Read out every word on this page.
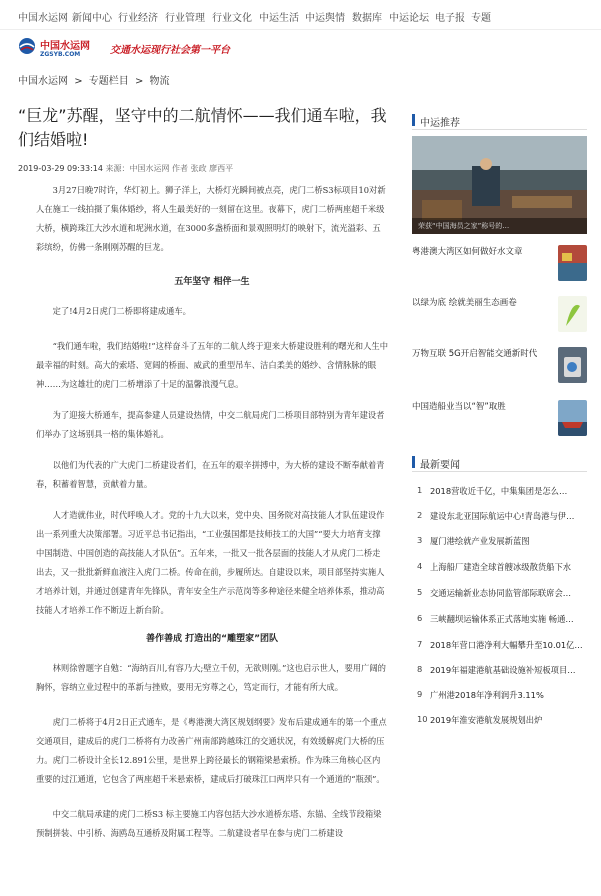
中国水运网 新闻中心 行业经济 行业管理 行业文化 中运生活 中运舆情 数据库 中运论坛 电子报 专题
中国水运网
ZGSYB.COM	交通水运现行社会第一平台
中国水运网 > 专题栏目 > 物流
“巨龙”苏醒，坚守中的二航情怀——我们通车啦，我们结婚啦!
2019-03-29 09:33:14 来源：中国水运网 作者 张政 廖西平

3月27日晚7时许，华灯初上。狮子洋上，大桥灯光瞬间被点亮，虎门二桥S3标项目10对新人在施工一线拍摄了集体婚纱，将人生最美好的一刻留在这里。夜幕下，虎门二桥两座超千米级大桥，横跨珠江大沙水道和坭洲水道，在3000多盏桥面和景观照明灯的映射下，流光溢彩、五彩缤纷，仿佛一条刚刚苏醒的巨龙。

五年坚守 相伴一生

定了!4月2日虎门二桥即将建成通车。

“我们通车啦，我们结婚啦!”这样奋斗了五年的二航人终于迎来大桥建设胜利的曙光和人生中最幸福的时刻。高大的索塔、宽阔的桥面、威武的重型吊车、洁白柔美的婚纱、含情脉脉的眼神……为这雄壮的虎门二桥增添了十足的温馨浪漫气息。

为了迎接大桥通车，提高参建人员建设热情，中交二航局虎门二桥项目部特别为青年建设者们举办了这场别具一格的集体婚礼。

以他们为代表的广大虎门二桥建设者们，在五年的艰辛拼搏中，为大桥的建设不断奉献着青春，积蓄着智慧，贡献着力量。

人才造就伟业，时代呼唤人才。党的十九大以来，党中央、国务院对高技能人才队伍建设作出一系列重大决策部署。习近平总书记指出，“工业强国都是技师技工的大国”“要大力培育支撑中国制造、中国创造的高技能人才队伍”。五年来，一批又一批各层面的技能人才从虎门二桥走出去，又一批批新鲜血液注入虎门二桥。传命在前，步履所达。自建设以来，项目部坚持实施人才培养计划，并通过创建青年先锋队，青年安全生产示范岗等多种途径来健全培养体系，推动高技能人才培养工作不断迈上新台阶。

善作善成 打造出的“雕塑家”团队

林则徐曾题字自勉：“海纳百川,有容乃大;壁立千仞，无欲则刚。”这也启示世人，要用广阔的胸怀，容纳立业过程中的革新与挫败，要用无穷尊之心，笃定而行，才能有所大成。

虎门二桥将于4月2日正式通车，是《粤港澳大湾区规划纲要》发布后建成通车的第一个重点交通项目，建成后的虎门二桥将有力改善广州南部跨越珠江的交通状况，有效缓解虎门大桥的压力。虎门二桥设计全长12.891公里，是世界上跨径最长的钢箱梁悬索桥。作为珠三角核心区内重要的过江通道，它包含了两座超千米悬索桥，建成后打破珠江口两岸只有一个通道的“瓶颈”。

中交二航局承建的虎门二桥S3 标主要施工内容包括大沙水道桥东塔、东锚、全线节段箱梁预制拼装、中引桥、海鸥岛互通桥及附属工程等。二航建设者早在参与虎门二桥建设

中运推荐
荣获“中国海员之家”称号的…
粤港澳大湾区如何做好水文章
以绿为底 绘就美丽生态画卷
万物互联 5G开启智能交通新时代
中国造船业当以“智”取胜
最新要闻
1 2018营收近千亿，中集集团是怎么…
2 建设东北亚国际航运中心!青岛港与伊…
3 厦门港绘就产业发展新蓝图
4 上海船厂建造全球首艘冰级散货船下水
5 交通运输新业态协同监管部际联席会…
6 三峡翻坝运输体系正式落地实施 畅通…
7 2018年营口港净利大幅攀升至10.01亿…
8 2019年福建港航基础设施补短板项目…
9 广州港2018年净利润升3.11%
10 2019年淮安港航发展规划出炉
